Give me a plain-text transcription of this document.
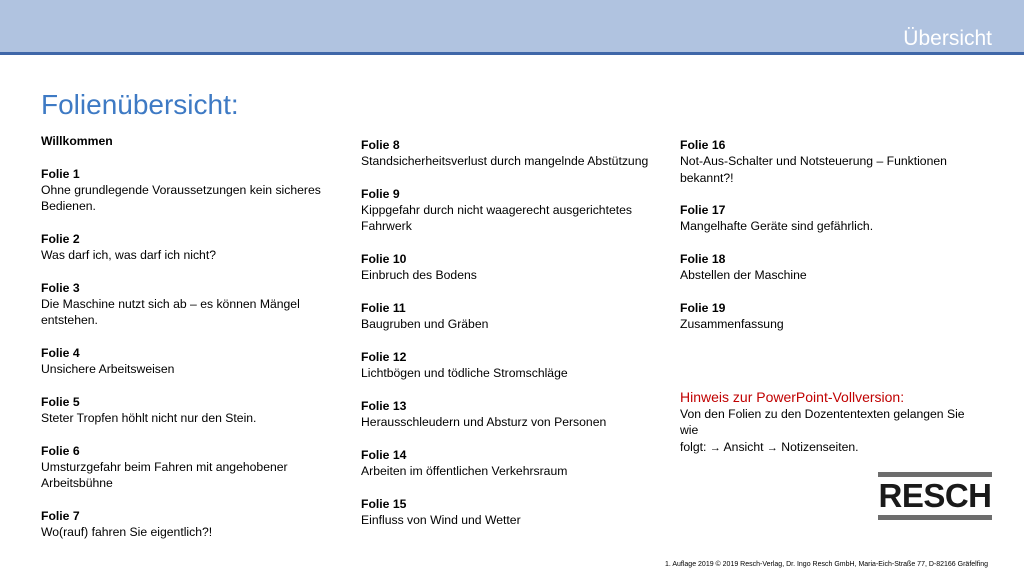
Übersicht
Folienübersicht:
Willkommen
Folie 1
Ohne grundlegende Voraussetzungen kein sicheres Bedienen.
Folie 2
Was darf ich, was darf ich nicht?
Folie 3
Die Maschine nutzt sich ab – es können Mängel entstehen.
Folie 4
Unsichere Arbeitsweisen
Folie 5
Steter Tropfen höhlt nicht nur den Stein.
Folie 6
Umsturzgefahr beim Fahren mit angehobener Arbeitsbühne
Folie 7
Wo(rauf) fahren Sie eigentlich?!
Folie 8
Standsicherheitsverlust durch mangelnde Abstützung
Folie 9
Kippgefahr durch nicht waagerecht ausgerichtetes Fahrwerk
Folie 10
Einbruch des Bodens
Folie 11
Baugruben und Gräben
Folie 12
Lichtbögen und tödliche Stromschläge
Folie 13
Herausschleudern und Absturz von Personen
Folie 14
Arbeiten im öffentlichen Verkehrsraum
Folie 15
Einfluss von Wind und Wetter
Folie 16
Not-Aus-Schalter und Notsteuerung – Funktionen bekannt?!
Folie 17
Mangelhafte Geräte sind gefährlich.
Folie 18
Abstellen der Maschine
Folie 19
Zusammenfassung
Hinweis zur PowerPoint-Vollversion:
Von den Folien zu den Dozententexten gelangen Sie wie
folgt: → Ansicht → Notizenseiten.
RESCH
1. Auflage 2019 © 2019 Resch-Verlag, Dr. Ingo Resch GmbH, Maria-Eich-Straße 77, D-82166 Gräfelfing
